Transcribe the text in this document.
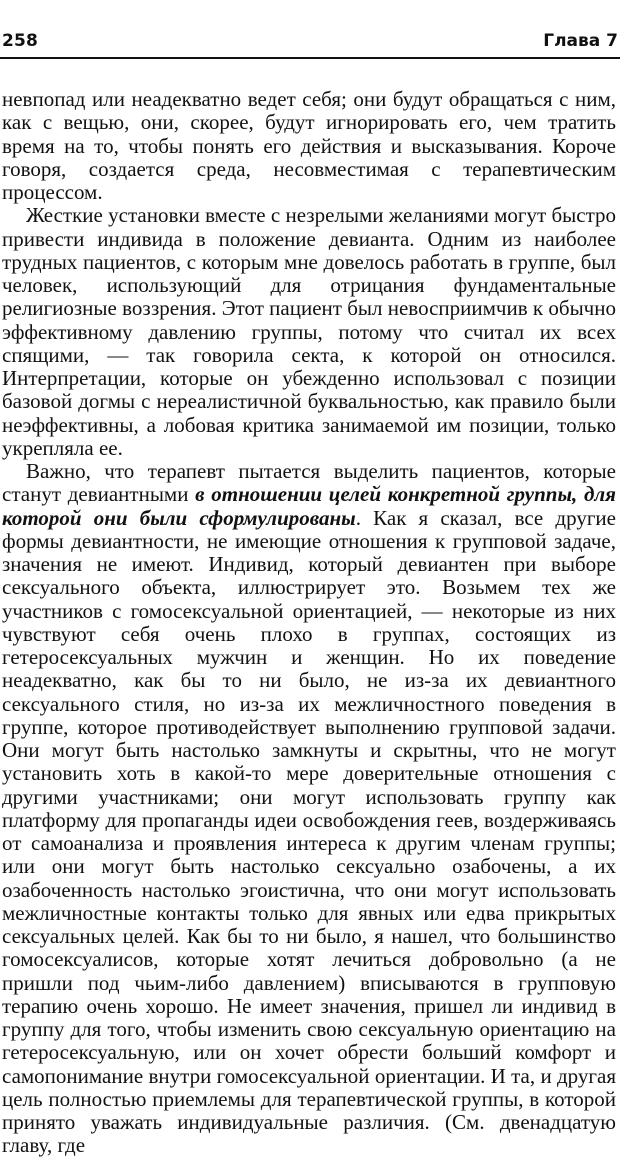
258	Глава 7

невпопад или неадекватно ведет себя; они будут обращаться с ним, как с вещью, они, скорее, будут игнорировать его, чем тратить время на то, чтобы понять его действия и высказывания. Короче говоря, создается среда, несовместимая с терапевтическим процессом.

Жесткие установки вместе с незрелыми желаниями могут быстро привести индивида в положение девианта. Одним из наиболее трудных пациентов, с которым мне довелось работать в группе, был человек, использующий для отрицания фундаментальные религиозные воззрения. Этот пациент был невосприимчив к обычно эффективному давлению группы, потому что считал их всех спящими, — так говорила секта, к которой он относился. Интерпретации, которые он убежденно использовал с позиции базовой догмы с нереалистичной буквальностью, как правило были неэффективны, а лобовая критика занимаемой им позиции, только укрепляла ее.

Важно, что терапевт пытается выделить пациентов, которые станут девиантными в отношении целей конкретной группы, для которой они были сформулированы. Как я сказал, все другие формы девиантности, не имеющие отношения к групповой задаче, значения не имеют. Индивид, который девиантен при выборе сексуального объекта, иллюстрирует это. Возьмем тех же участников с гомосексуальной ориентацией, — некоторые из них чувствуют себя очень плохо в группах, состоящих из гетеросексуальных мужчин и женщин. Но их поведение неадекватно, как бы то ни было, не из-за их девиантного сексуального стиля, но из-за их межличностного поведения в группе, которое противодействует выполнению групповой задачи. Они могут быть настолько замкнуты и скрытны, что не могут установить хоть в какой-то мере доверительные отношения с другими участниками; они могут использовать группу как платформу для пропаганды идеи освобождения геев, воздерживаясь от самоанализа и проявления интереса к другим членам группы; или они могут быть настолько сексуально озабочены, а их озабоченность настолько эгоистична, что они могут использовать межличностные контакты только для явных или едва прикрытых сексуальных целей. Как бы то ни было, я нашел, что большинство гомосексуалисов, которые хотят лечиться добровольно (а не пришли под чьим-либо давлением) вписываются в групповую терапию очень хорошо. Не имеет значения, пришел ли индивид в группу для того, чтобы изменить свою сексуальную ориентацию на гетеросексуальную, или он хочет обрести больший комфорт и самопонимание внутри гомосексуальной ориентации. И та, и другая цель полностью приемлемы для терапевтической группы, в которой принято уважать индивидуальные различия. (См. двенадцатую главу, где
